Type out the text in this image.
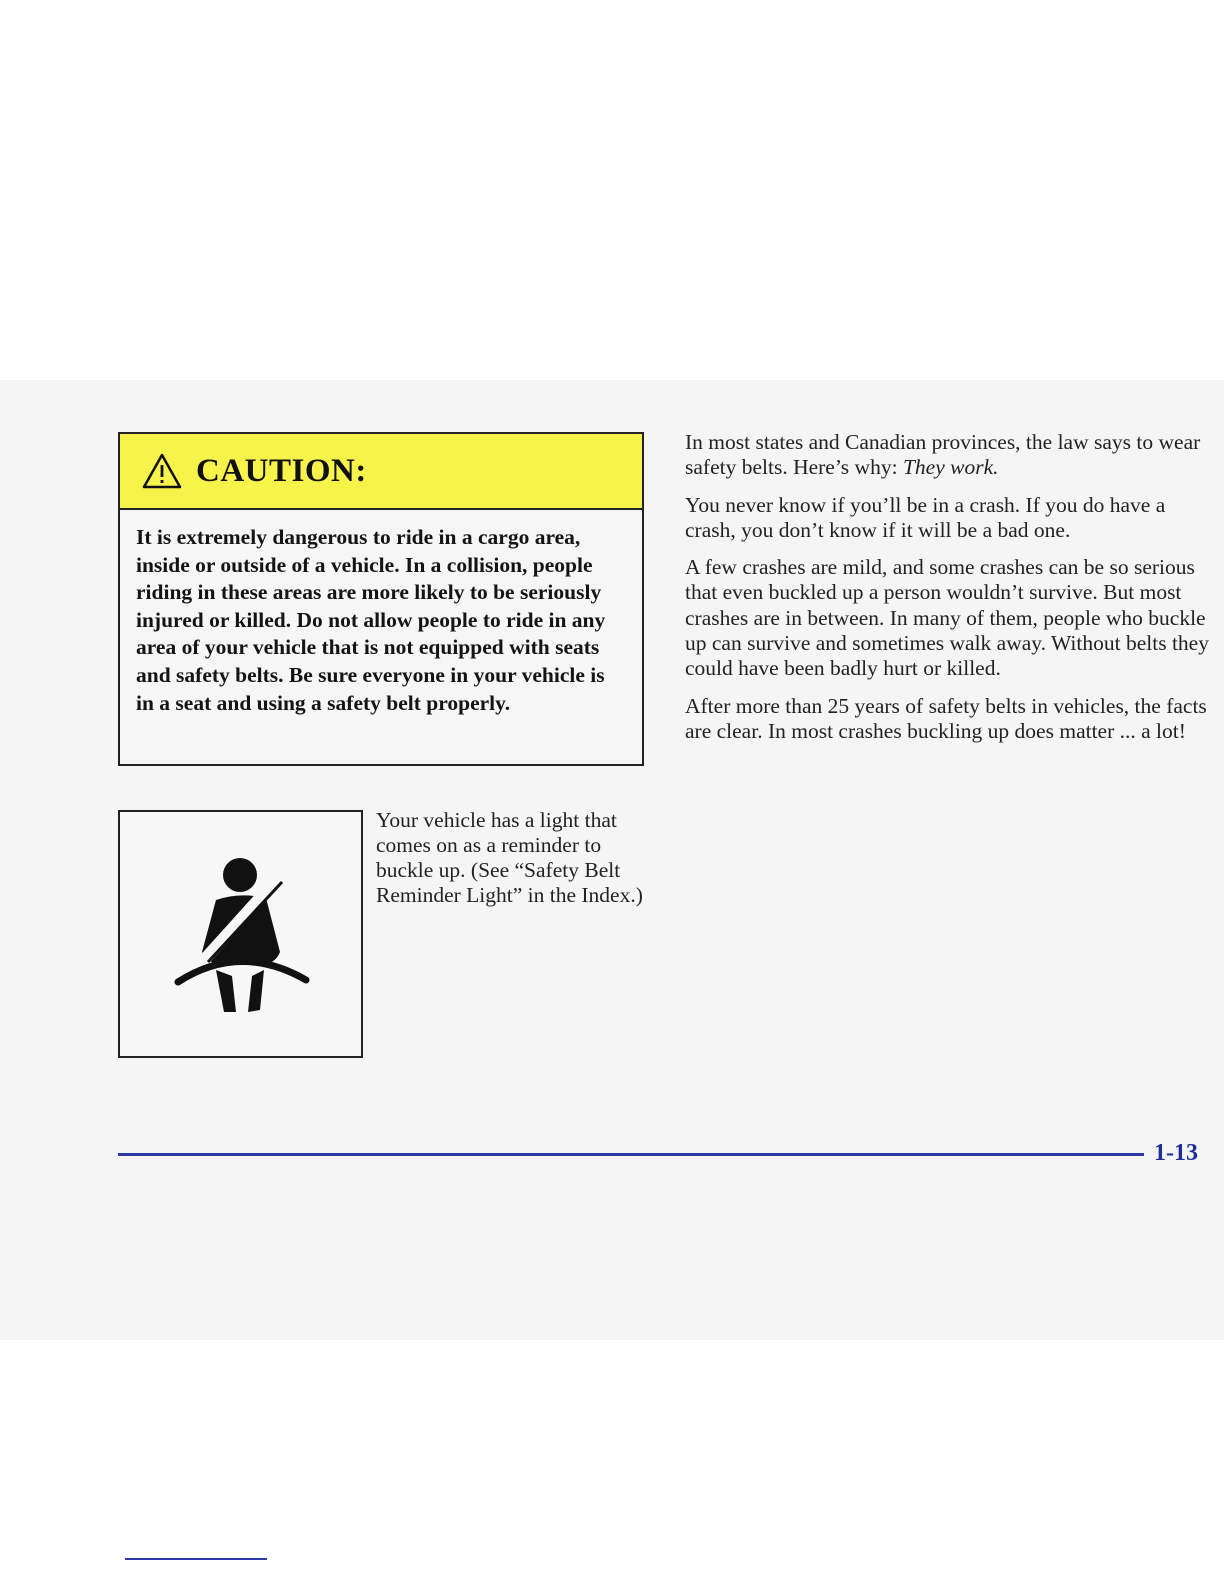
CAUTION:
It is extremely dangerous to ride in a cargo area, inside or outside of a vehicle. In a collision, people riding in these areas are more likely to be seriously injured or killed. Do not allow people to ride in any area of your vehicle that is not equipped with seats and safety belts. Be sure everyone in your vehicle is in a seat and using a safety belt properly.
Your vehicle has a light that comes on as a reminder to buckle up. (See “Safety Belt Reminder Light” in the Index.)

In most states and Canadian provinces, the law says to wear safety belts. Here’s why: They work.

You never know if you’ll be in a crash. If you do have a crash, you don’t know if it will be a bad one.

A few crashes are mild, and some crashes can be so serious that even buckled up a person wouldn’t survive. But most crashes are in between. In many of them, people who buckle up can survive and sometimes walk away. Without belts they could have been badly hurt or killed.

After more than 25 years of safety belts in vehicles, the facts are clear. In most crashes buckling up does matter ... a lot!

1-13
